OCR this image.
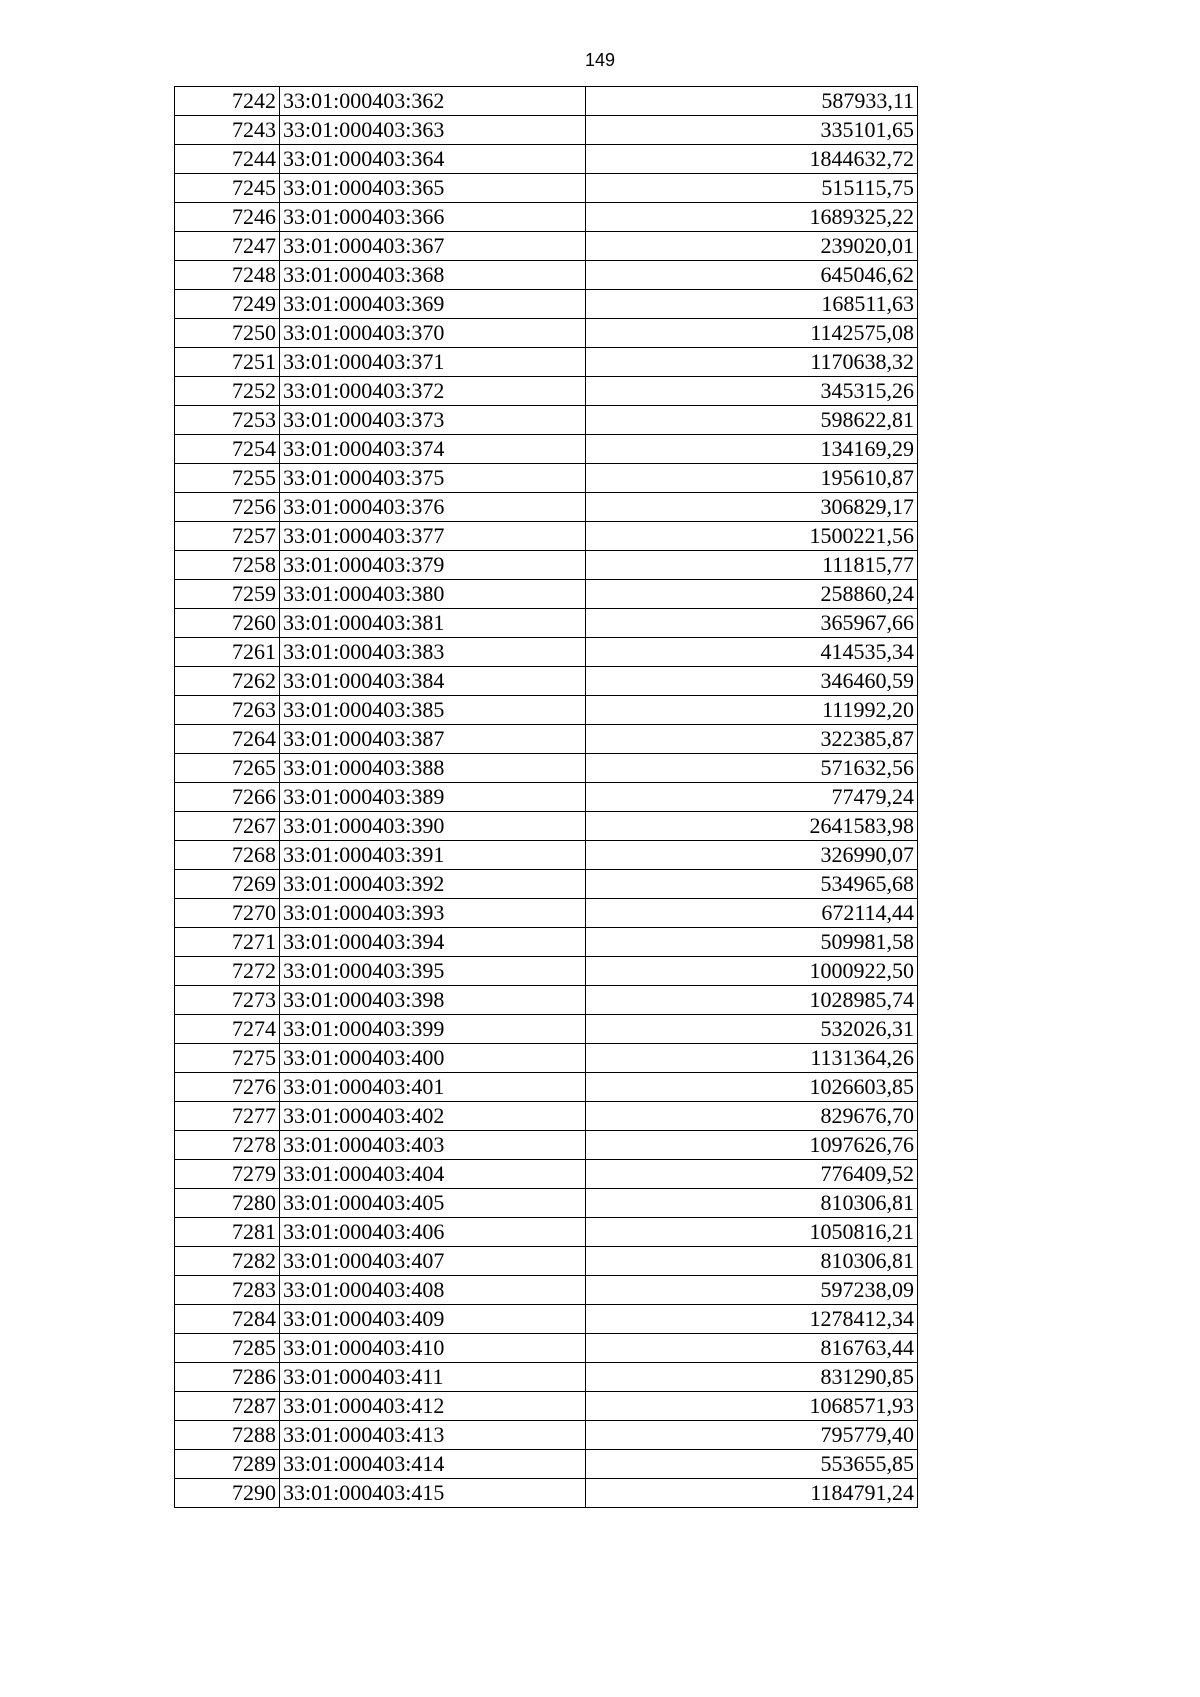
149
7242	33:01:000403:362	587933,11
7243	33:01:000403:363	335101,65
7244	33:01:000403:364	1844632,72
7245	33:01:000403:365	515115,75
7246	33:01:000403:366	1689325,22
7247	33:01:000403:367	239020,01
7248	33:01:000403:368	645046,62
7249	33:01:000403:369	168511,63
7250	33:01:000403:370	1142575,08
7251	33:01:000403:371	1170638,32
7252	33:01:000403:372	345315,26
7253	33:01:000403:373	598622,81
7254	33:01:000403:374	134169,29
7255	33:01:000403:375	195610,87
7256	33:01:000403:376	306829,17
7257	33:01:000403:377	1500221,56
7258	33:01:000403:379	111815,77
7259	33:01:000403:380	258860,24
7260	33:01:000403:381	365967,66
7261	33:01:000403:383	414535,34
7262	33:01:000403:384	346460,59
7263	33:01:000403:385	111992,20
7264	33:01:000403:387	322385,87
7265	33:01:000403:388	571632,56
7266	33:01:000403:389	77479,24
7267	33:01:000403:390	2641583,98
7268	33:01:000403:391	326990,07
7269	33:01:000403:392	534965,68
7270	33:01:000403:393	672114,44
7271	33:01:000403:394	509981,58
7272	33:01:000403:395	1000922,50
7273	33:01:000403:398	1028985,74
7274	33:01:000403:399	532026,31
7275	33:01:000403:400	1131364,26
7276	33:01:000403:401	1026603,85
7277	33:01:000403:402	829676,70
7278	33:01:000403:403	1097626,76
7279	33:01:000403:404	776409,52
7280	33:01:000403:405	810306,81
7281	33:01:000403:406	1050816,21
7282	33:01:000403:407	810306,81
7283	33:01:000403:408	597238,09
7284	33:01:000403:409	1278412,34
7285	33:01:000403:410	816763,44
7286	33:01:000403:411	831290,85
7287	33:01:000403:412	1068571,93
7288	33:01:000403:413	795779,40
7289	33:01:000403:414	553655,85
7290	33:01:000403:415	1184791,24
